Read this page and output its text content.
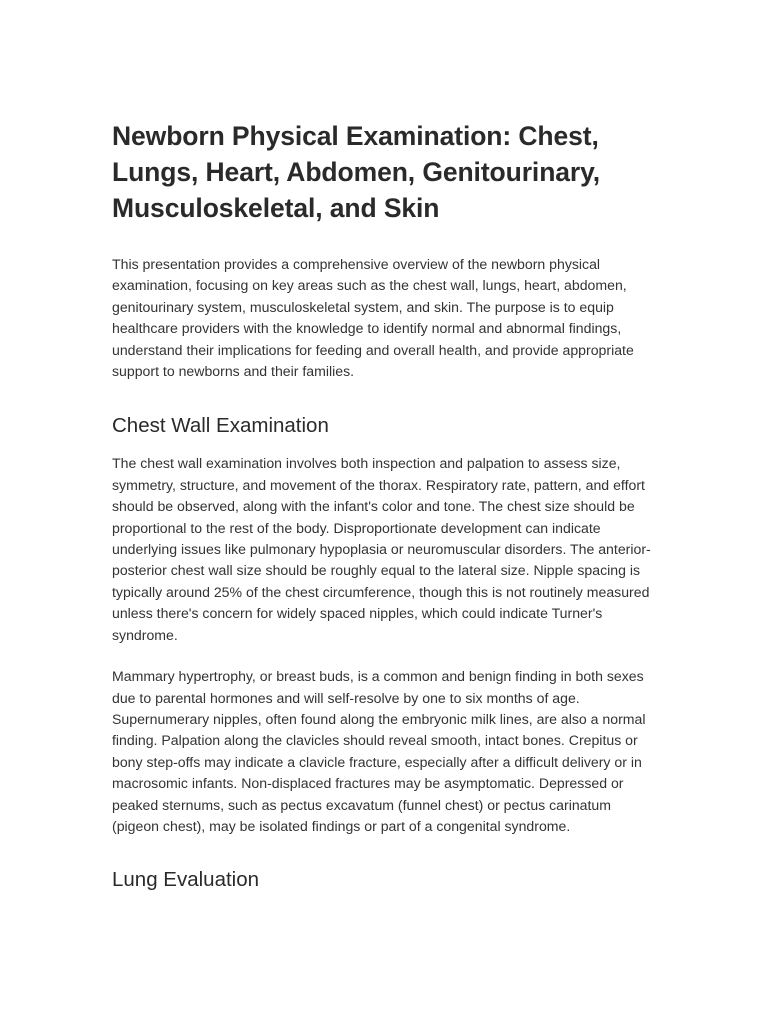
Newborn Physical Examination: Chest, Lungs, Heart, Abdomen, Genitourinary, Musculoskeletal, and Skin

This presentation provides a comprehensive overview of the newborn physical examination, focusing on key areas such as the chest wall, lungs, heart, abdomen, genitourinary system, musculoskeletal system, and skin. The purpose is to equip healthcare providers with the knowledge to identify normal and abnormal findings, understand their implications for feeding and overall health, and provide appropriate support to newborns and their families.

Chest Wall Examination

The chest wall examination involves both inspection and palpation to assess size, symmetry, structure, and movement of the thorax. Respiratory rate, pattern, and effort should be observed, along with the infant's color and tone. The chest size should be proportional to the rest of the body. Disproportionate development can indicate underlying issues like pulmonary hypoplasia or neuromuscular disorders. The anterior-posterior chest wall size should be roughly equal to the lateral size. Nipple spacing is typically around 25% of the chest circumference, though this is not routinely measured unless there's concern for widely spaced nipples, which could indicate Turner's syndrome.

Mammary hypertrophy, or breast buds, is a common and benign finding in both sexes due to parental hormones and will self-resolve by one to six months of age. Supernumerary nipples, often found along the embryonic milk lines, are also a normal finding. Palpation along the clavicles should reveal smooth, intact bones. Crepitus or bony step-offs may indicate a clavicle fracture, especially after a difficult delivery or in macrosomic infants. Non-displaced fractures may be asymptomatic. Depressed or peaked sternums, such as pectus excavatum (funnel chest) or pectus carinatum (pigeon chest), may be isolated findings or part of a congenital syndrome.

Lung Evaluation
